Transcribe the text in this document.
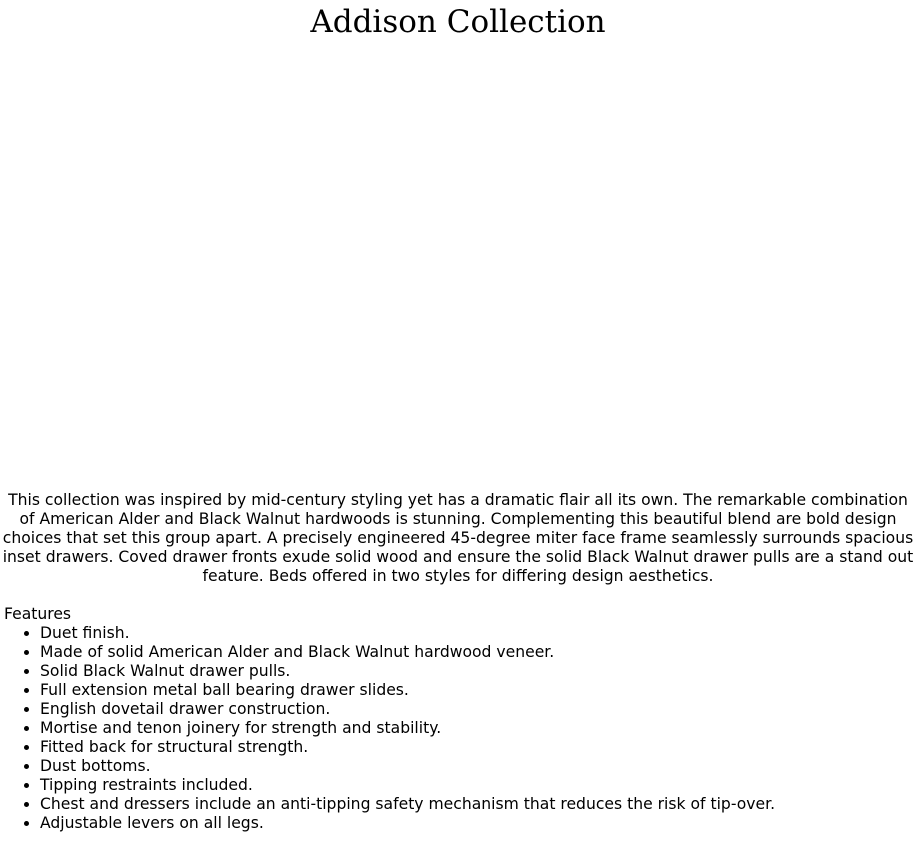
Addison Collection

This collection was inspired by mid-century styling yet has a dramatic flair all its own. The remarkable combination of American Alder and Black Walnut hardwoods is stunning. Complementing this beautiful blend are bold design choices that set this group apart. A precisely engineered 45-degree miter face frame seamlessly surrounds spacious inset drawers. Coved drawer fronts exude solid wood and ensure the solid Black Walnut drawer pulls are a stand out feature. Beds offered in two styles for differing design aesthetics.

Features
• Duet finish.
• Made of solid American Alder and Black Walnut hardwood veneer.
• Solid Black Walnut drawer pulls.
• Full extension metal ball bearing drawer slides.
• English dovetail drawer construction.
• Mortise and tenon joinery for strength and stability.
• Fitted back for structural strength.
• Dust bottoms.
• Tipping restraints included.
• Chest and dressers include an anti-tipping safety mechanism that reduces the risk of tip-over.
• Adjustable levers on all legs.
